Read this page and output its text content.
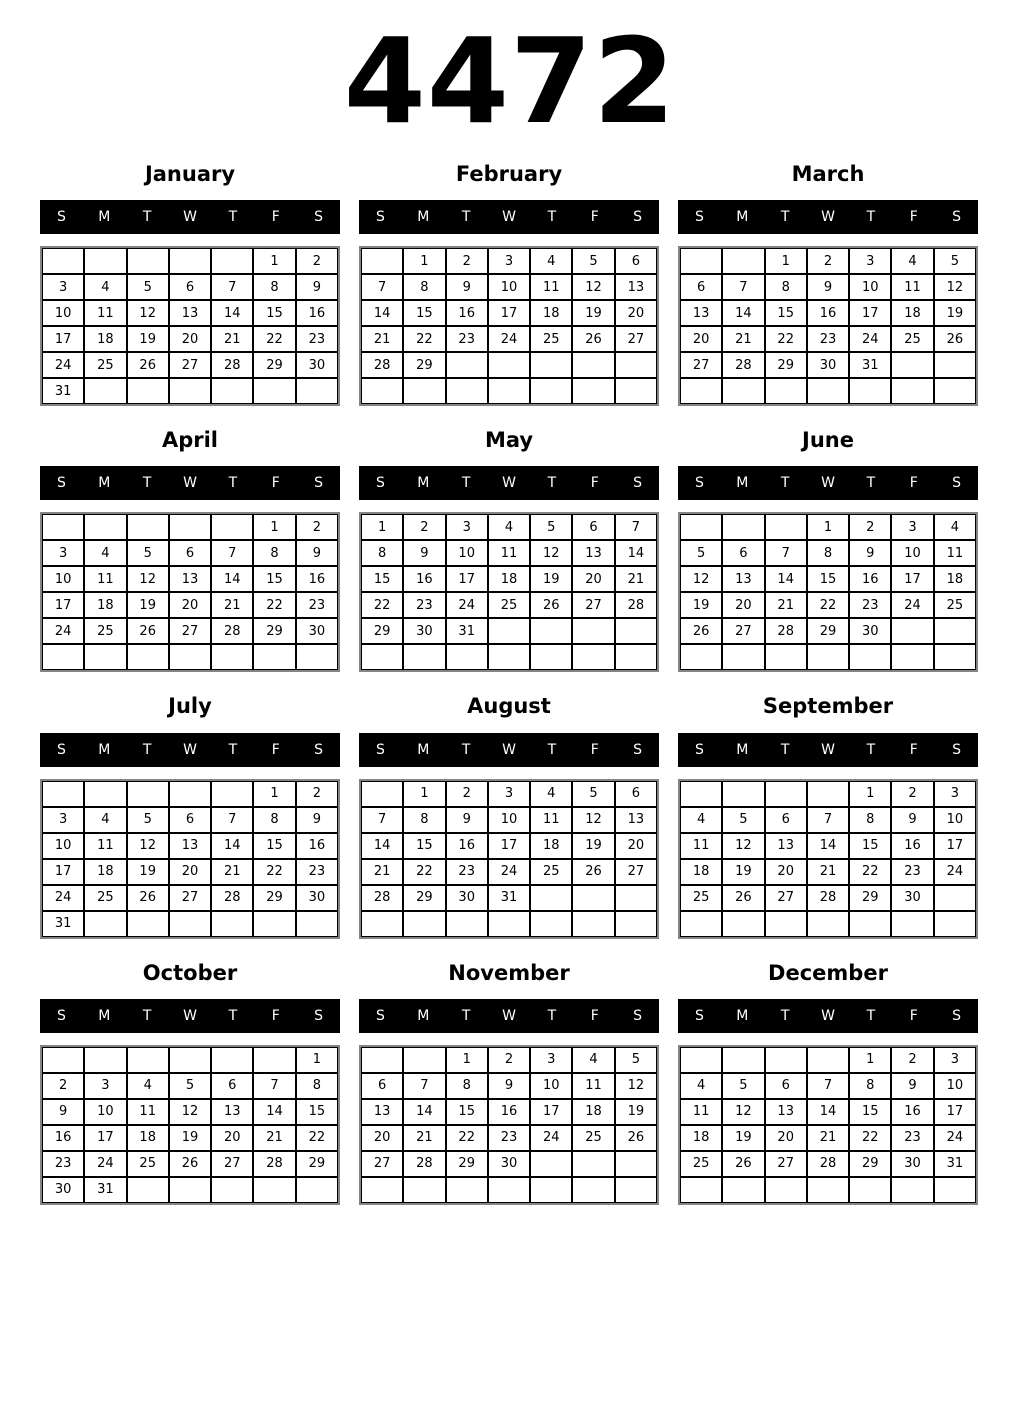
4472
January
S	M	T	W	T	F	S
					1	2
3	4	5	6	7	8	9
10	11	12	13	14	15	16
17	18	19	20	21	22	23
24	25	26	27	28	29	30
31						
February
S	M	T	W	T	F	S
	1	2	3	4	5	6
7	8	9	10	11	12	13
14	15	16	17	18	19	20
21	22	23	24	25	26	27
28	29					

March
S	M	T	W	T	F	S
		1	2	3	4	5
6	7	8	9	10	11	12
13	14	15	16	17	18	19
20	21	22	23	24	25	26
27	28	29	30	31		

April
S	M	T	W	T	F	S
					1	2
3	4	5	6	7	8	9
10	11	12	13	14	15	16
17	18	19	20	21	22	23
24	25	26	27	28	29	30

May
S	M	T	W	T	F	S
1	2	3	4	5	6	7
8	9	10	11	12	13	14
15	16	17	18	19	20	21
22	23	24	25	26	27	28
29	30	31				

June
S	M	T	W	T	F	S
			1	2	3	4
5	6	7	8	9	10	11
12	13	14	15	16	17	18
19	20	21	22	23	24	25
26	27	28	29	30		

July
S	M	T	W	T	F	S
					1	2
3	4	5	6	7	8	9
10	11	12	13	14	15	16
17	18	19	20	21	22	23
24	25	26	27	28	29	30
31						
August
S	M	T	W	T	F	S
	1	2	3	4	5	6
7	8	9	10	11	12	13
14	15	16	17	18	19	20
21	22	23	24	25	26	27
28	29	30	31			

September
S	M	T	W	T	F	S
				1	2	3
4	5	6	7	8	9	10
11	12	13	14	15	16	17
18	19	20	21	22	23	24
25	26	27	28	29	30	

October
S	M	T	W	T	F	S
						1
2	3	4	5	6	7	8
9	10	11	12	13	14	15
16	17	18	19	20	21	22
23	24	25	26	27	28	29
30	31					
November
S	M	T	W	T	F	S
		1	2	3	4	5
6	7	8	9	10	11	12
13	14	15	16	17	18	19
20	21	22	23	24	25	26
27	28	29	30			

December
S	M	T	W	T	F	S
				1	2	3
4	5	6	7	8	9	10
11	12	13	14	15	16	17
18	19	20	21	22	23	24
25	26	27	28	29	30	31
